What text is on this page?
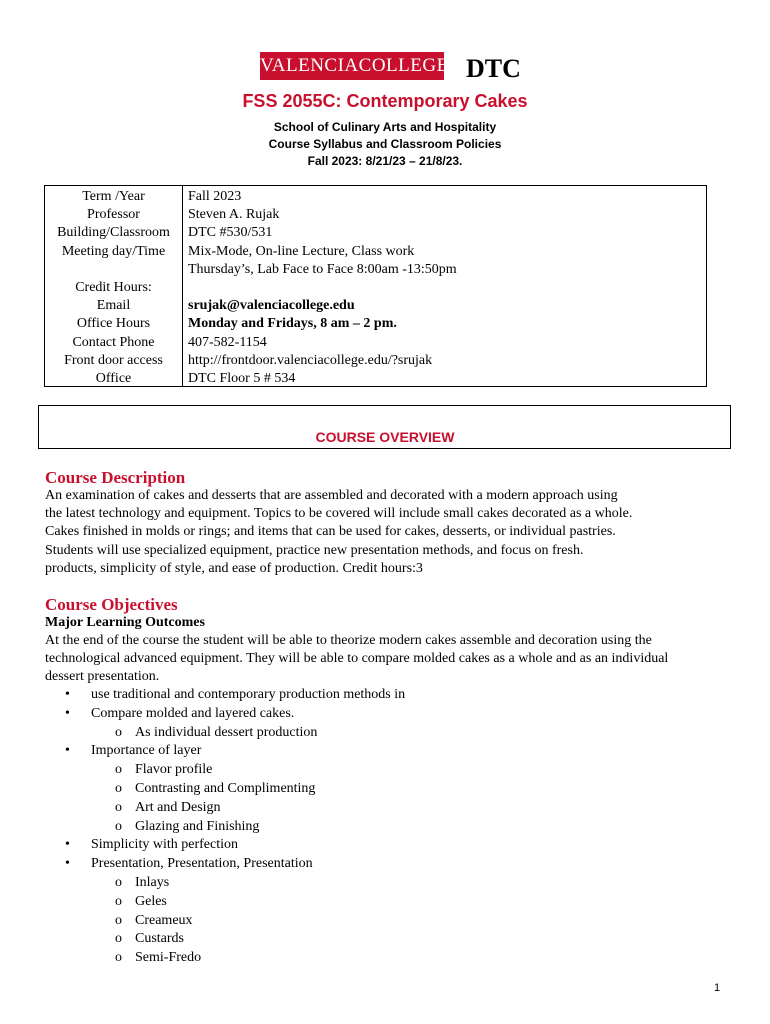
VALENCIACOLLEGE DTC
FSS 2055C: Contemporary Cakes
School of Culinary Arts and Hospitality
Course Syllabus and Classroom Policies
Fall 2023: 8/21/23 – 21/8/23.
Term /Year	Fall 2023
Professor	Steven A. Rujak
Building/Classroom	DTC #530/531
Meeting day/Time	Mix-Mode, On-line Lecture, Class work
Thursday’s, Lab Face to Face 8:00am -13:50pm
Credit Hours:
Email	srujak@valenciacollege.edu
Office Hours	Monday and Fridays, 8 am – 2 pm.
Contact Phone	407-582-1154
Front door access	http://frontdoor.valenciacollege.edu/?srujak
Office	DTC Floor 5 # 534
COURSE OVERVIEW
Course Description
An examination of cakes and desserts that are assembled and decorated with a modern approach using
the latest technology and equipment. Topics to be covered will include small cakes decorated as a whole.
Cakes finished in molds or rings; and items that can be used for cakes, desserts, or individual pastries.
Students will use specialized equipment, practice new presentation methods, and focus on fresh.
products, simplicity of style, and ease of production. Credit hours:3
Course Objectives
Major Learning Outcomes
At the end of the course the student will be able to theorize modern cakes assemble and decoration using the
technological advanced equipment. They will be able to compare molded cakes as a whole and as an individual
dessert presentation.
• use traditional and contemporary production methods in
• Compare molded and layered cakes.
o As individual dessert production
• Importance of layer
o Flavor profile
o Contrasting and Complimenting
o Art and Design
o Glazing and Finishing
• Simplicity with perfection
• Presentation, Presentation, Presentation
o Inlays
o Geles
o Creameux
o Custards
o Semi-Fredo
1
